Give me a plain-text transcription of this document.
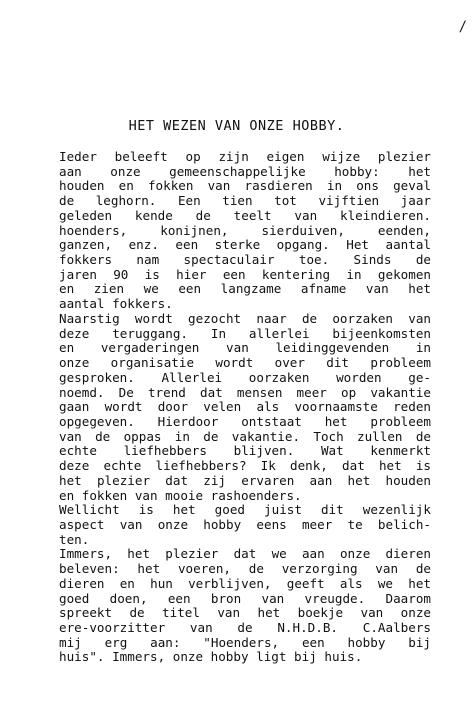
/
HET WEZEN VAN ONZE HOBBY.
Ieder beleeft op zijn eigen wijze plezier
aan onze gemeenschappelijke hobby: het
houden en fokken van rasdieren in ons geval
de leghorn. Een tien tot vijftien jaar
geleden kende de teelt van kleindieren.
hoenders, konijnen, sierduiven, eenden,
ganzen, enz. een sterke opgang. Het aantal
fokkers nam spectaculair toe. Sinds de
jaren 90 is hier een kentering in gekomen
en zien we een langzame afname van het
aantal fokkers.
Naarstig wordt gezocht naar de oorzaken van
deze teruggang. In allerlei bijeenkomsten
en vergaderingen van leidinggevenden in
onze organisatie wordt over dit probleem
gesproken. Allerlei oorzaken worden ge-
noemd. De trend dat mensen meer op vakantie
gaan wordt door velen als voornaamste reden
opgegeven. Hierdoor ontstaat het probleem
van de oppas in de vakantie. Toch zullen de
echte liefhebbers blijven. Wat kenmerkt
deze echte liefhebbers? Ik denk, dat het is
het plezier dat zij ervaren aan het houden
en fokken van mooie rashoenders.
Wellicht is het goed juist dit wezenlijk
aspect van onze hobby eens meer te belich-
ten.
Immers, het plezier dat we aan onze dieren
beleven: het voeren, de verzorging van de
dieren en hun verblijven, geeft als we het
goed doen, een bron van vreugde. Daarom
spreekt de titel van het boekje van onze
ere-voorzitter van de N.H.D.B. C.Aalbers
mij erg aan: "Hoenders, een hobby bij
huis". Immers, onze hobby ligt bij huis.
